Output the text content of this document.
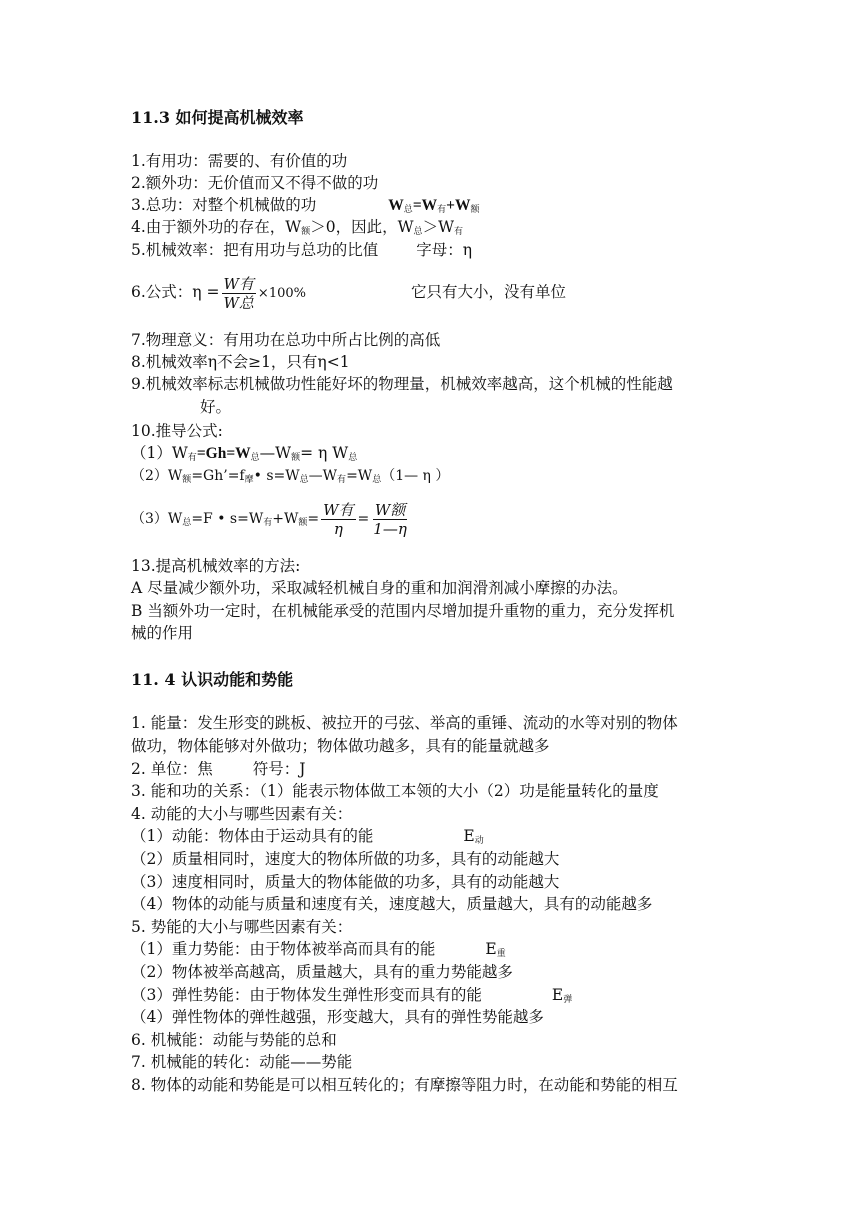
11.3 如何提高机械效率
1.有用功：需要的、有价值的功
2.额外功：无价值而又不得不做的功
3.总功：对整个机械做的功	$W_总=W_有+W_额$
4.由于额外功的存在，$W_额>0$，因此，$W_总>W_有$
5.机械效率：把有用功与总功的比值 字母：η
6.公式：$\eta = \frac{\text{W有}}{\text{W总}} \times 100\%$	它只有大小，没有单位
7.物理意义：有用功在总功中所占比例的高低
8.机械效率η不会≥1，只有η<1
9.机械效率标志机械做功性能好坏的物理量，机械效率越高，这个机械的性能越
好。
10.推导公式:
$(1)W_有=Gh=W_总—W_额= \eta$ $W_总$
$(2)W_额=Gh’=f_摩•$ $s=W_总—W_有=W_总(1—$ η ）
$(3)W_总=F$ • $s=W_有+W_额= \frac{\text{W有}}{\eta} = \frac{\text{W额}}{1—\eta}$
13.提高机械效率的方法:
A 尽量减少额外功，采取减轻机械自身的重和加润滑剂减小摩擦的办法。
B 当额外功一定时，在机械能承受的范围内尽增加提升重物的重力，充分发挥机
械的作用
11. 4 认识动能和势能
1. 能量：发生形变的跳板、被拉开的弓弦、举高的重锤、流动的水等对别的物体
做功，物体能够对外做功；物体做功越多，具有的能量就越多
2. 单位：焦	符号：J
3. 能和功的关系：（1）能表示物体做工本领的大小（2）功是能量转化的量度
4. 动能的大小与哪些因素有关：
（1）动能：物体由于运动具有的能	$E_动$
（2）质量相同时，速度大的物体所做的功多，具有的动能越大
（3）速度相同时，质量大的物体能做的功多，具有的动能越大
（4）物体的动能与质量和速度有关，速度越大，质量越大，具有的动能越多
5. 势能的大小与哪些因素有关：
（1）重力势能：由于物体被举高而具有的能	$E_重$
（2）物体被举高越高，质量越大，具有的重力势能越多
（3）弹性势能：由于物体发生弹性形变而具有的能	$E_弹$
（4）弹性物体的弹性越强，形变越大，具有的弹性势能越多
6. 机械能：动能与势能的总和
7. 机械能的转化：动能——势能
8. 物体的动能和势能是可以相互转化的；有摩擦等阻力时，在动能和势能的相互
